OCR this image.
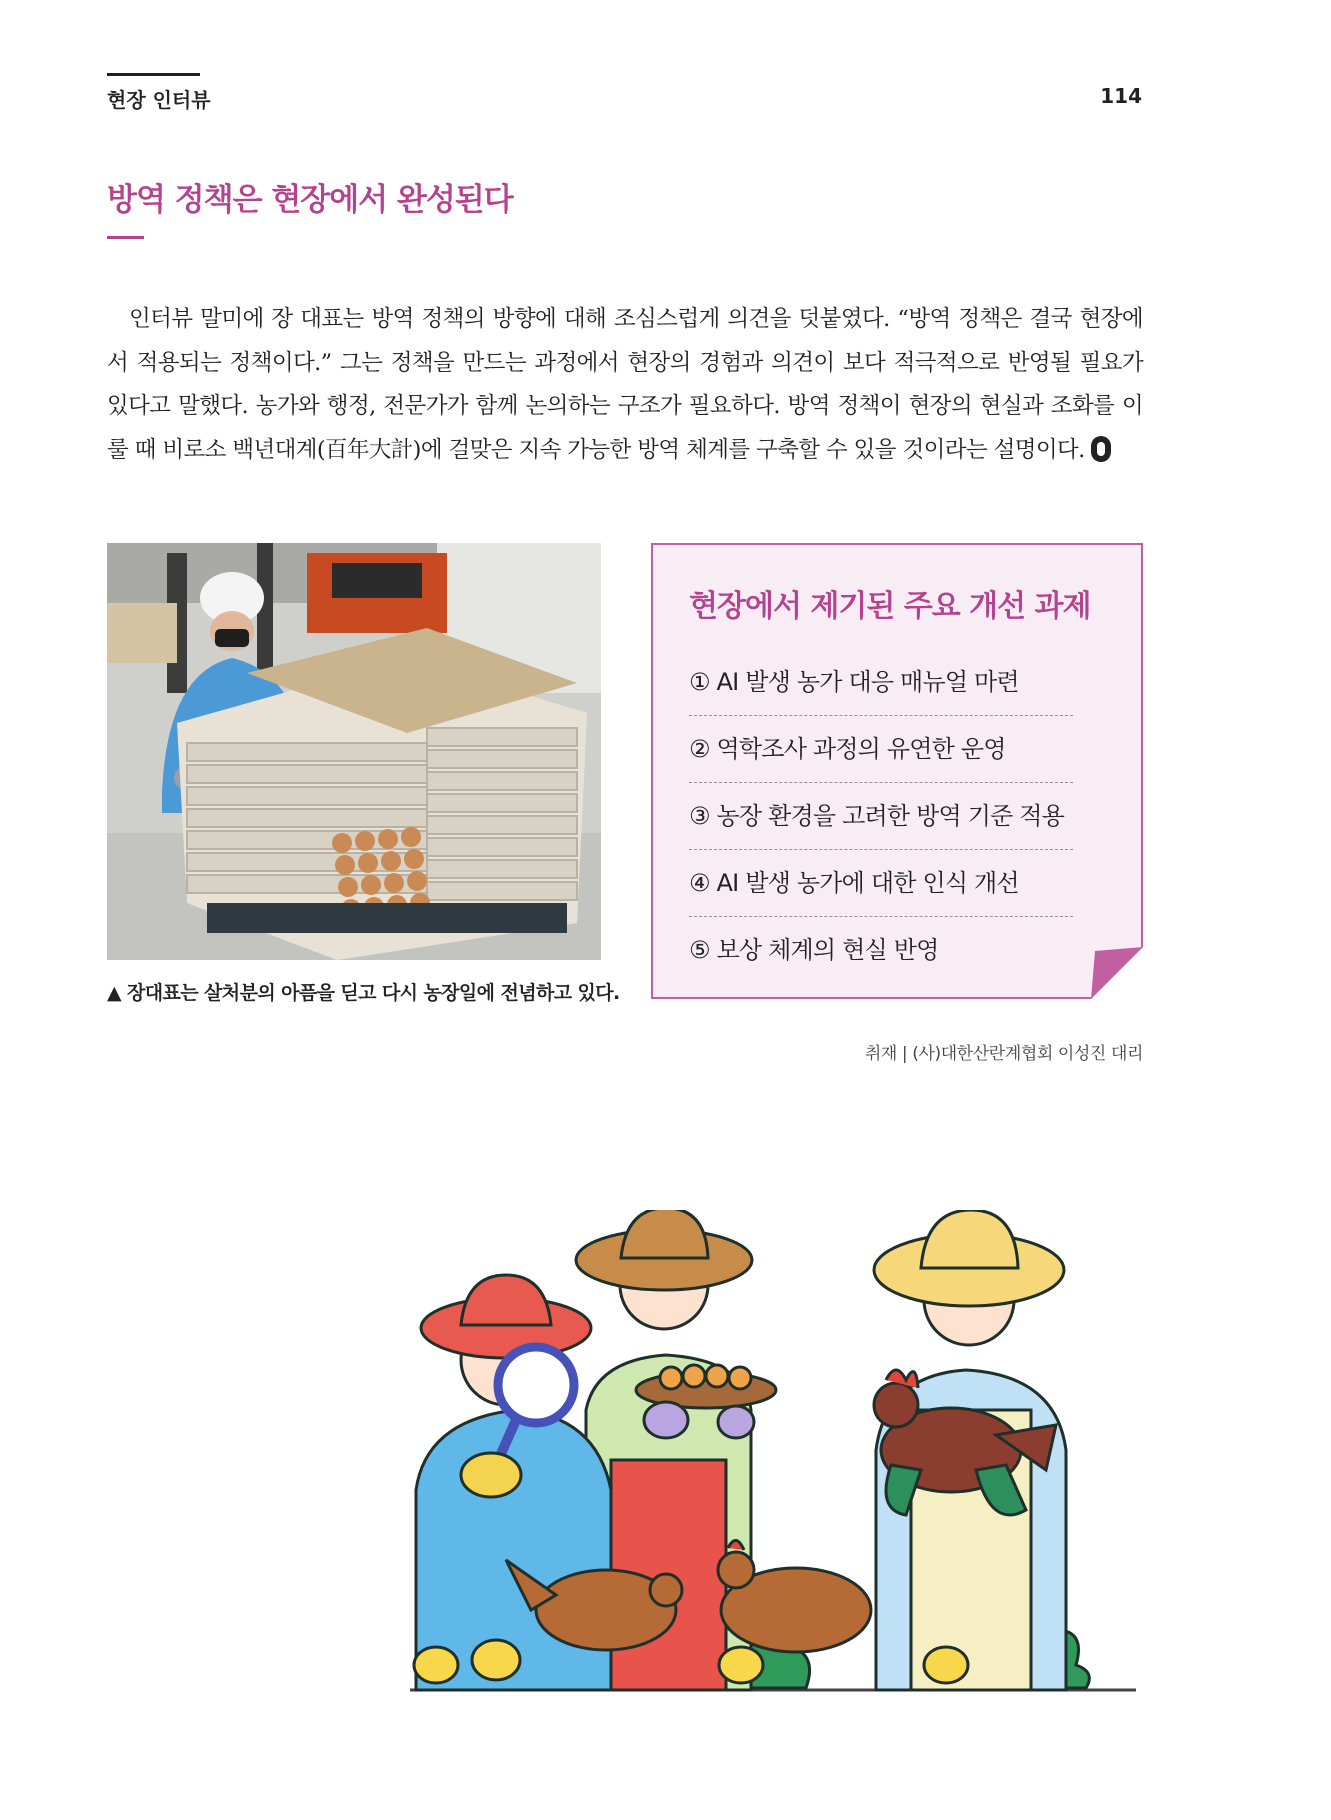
현장 인터뷰	114
방역 정책은 현장에서 완성된다

인터뷰 말미에 장 대표는 방역 정책의 방향에 대해 조심스럽게 의견을 덧붙였다. “방역 정책은 결국 현장에서 적용되는 정책이다.” 그는 정책을 만드는 과정에서 현장의 경험과 의견이 보다 적극적으로 반영될 필요가 있다고 말했다. 농가와 행정, 전문가가 함께 논의하는 구조가 필요하다. 방역 정책이 현장의 현실과 조화를 이룰 때 비로소 백년대계(百年大計)에 걸맞은 지속 가능한 방역 체계를 구축할 수 있을 것이라는 설명이다.

▲ 장대표는 살처분의 아픔을 딛고 다시 농장일에 전념하고 있다.
현장에서 제기된 주요 개선 과제
① AI 발생 농가 대응 매뉴얼 마련
② 역학조사 과정의 유연한 운영
③ 농장 환경을 고려한 방역 기준 적용
④ AI 발생 농가에 대한 인식 개선
⑤ 보상 체계의 현실 반영
취재 | (사)대한산란계협회 이성진 대리
